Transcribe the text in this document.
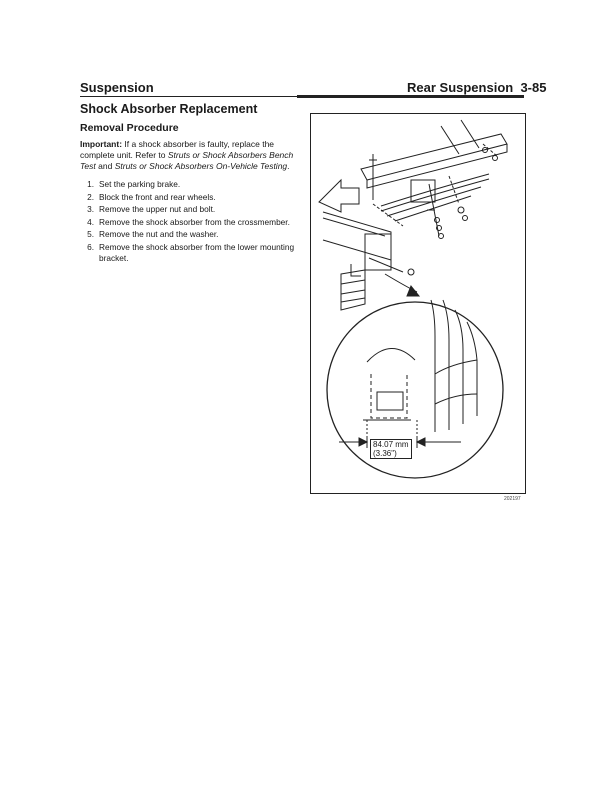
Suspension	Rear Suspension 3-85
Shock Absorber Replacement
Removal Procedure
Important: If a shock absorber is faulty, replace the complete unit. Refer to Struts or Shock Absorbers Bench Test and Struts or Shock Absorbers On-Vehicle Testing.
1. Set the parking brake.
2. Block the front and rear wheels.
3. Remove the upper nut and bolt.
4. Remove the shock absorber from the crossmember.
5. Remove the nut and the washer.
6. Remove the shock absorber from the lower mounting bracket.
84.07 mm
(3.36")
202197
